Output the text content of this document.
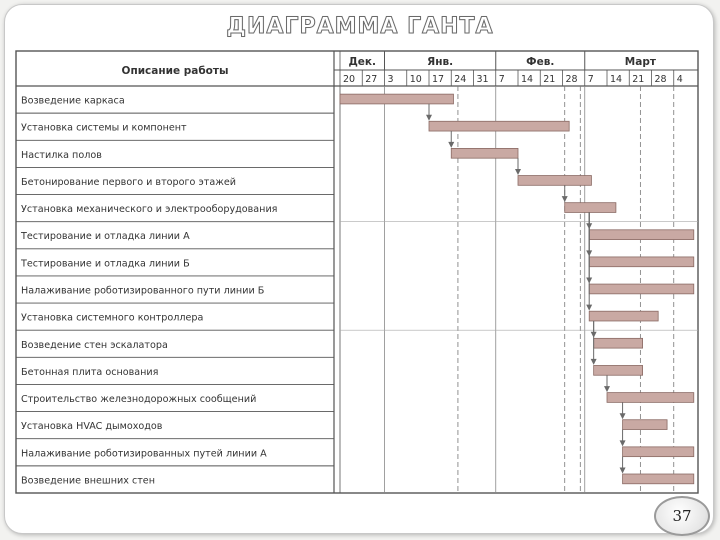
ДИАГРАММА ГАНТА
Описание работы
Дек.	Янв.	Фев.	Март
20 27 3 10 17 24 31 7 14 21 28 7 14 21 28 4
Возведение каркаса
Установка системы и компонент
Настилка полов
Бетонирование первого и второго этажей
Установка механического и электрооборудования
Тестирование и отладка линии А
Тестирование и отладка линии Б
Налаживание роботизированного пути линии Б
Установка системного контроллера
Возведение стен эскалатора
Бетонная плита основания
Строительство железнодорожных сообщений
Установка HVAC дымоходов
Налаживание роботизированных путей линии А
Возведение внешних стен
37
